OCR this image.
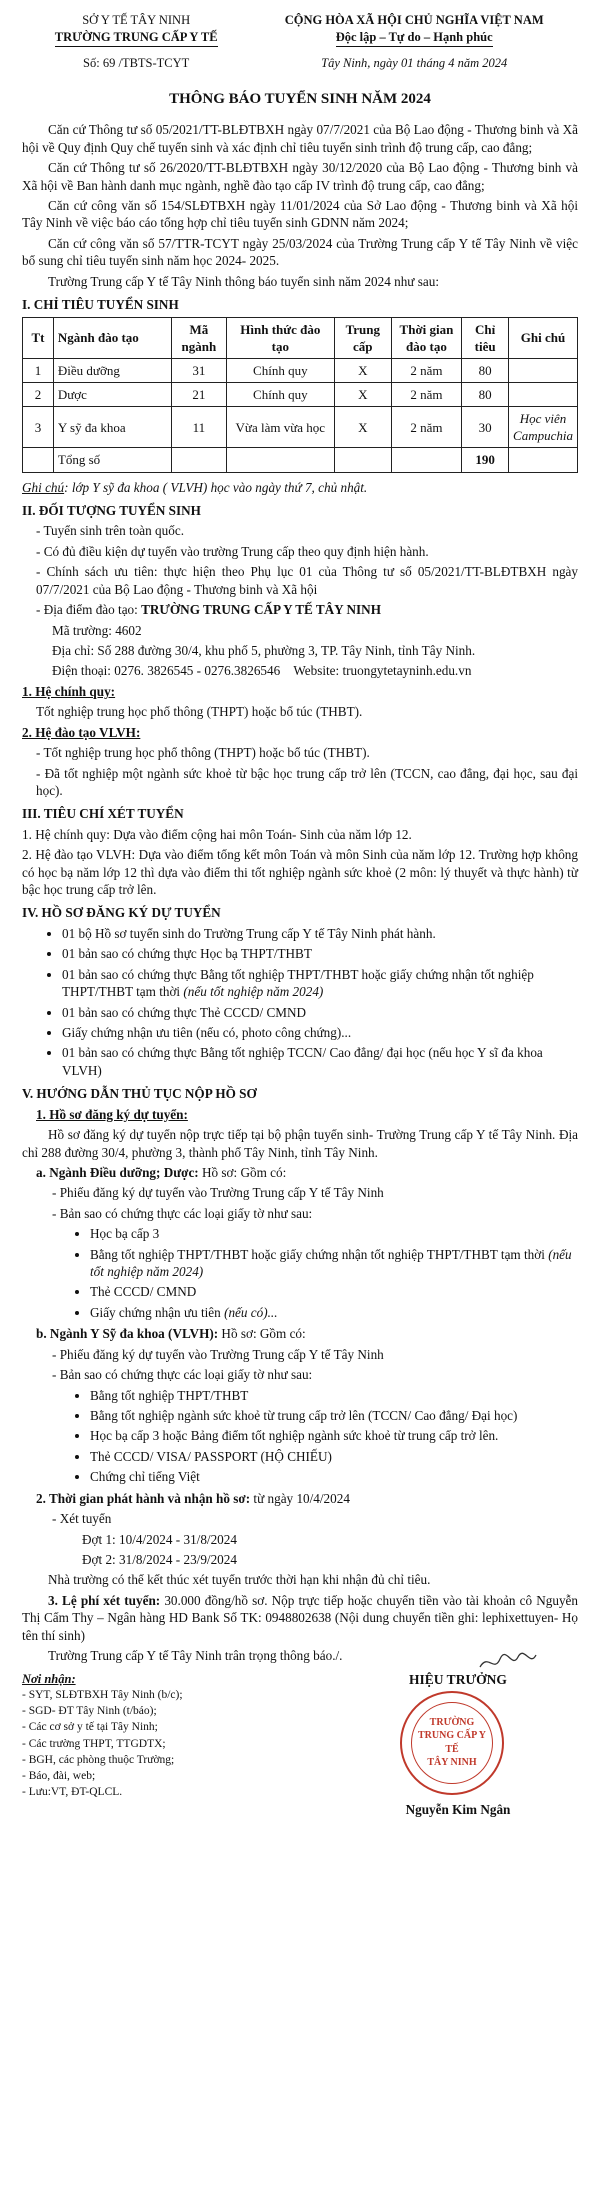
SỞ Y TẾ TÂY NINH
TRƯỜNG TRUNG CẤP Y TẾ
CỘNG HÒA XÃ HỘI CHỦ NGHĨA VIỆT NAM
Độc lập – Tự do – Hạnh phúc
Số: 69 /TBTS-TCYT	Tây Ninh, ngày 01 tháng 4 năm 2024
THÔNG BÁO TUYỂN SINH NĂM 2024

Căn cứ Thông tư số 05/2021/TT-BLĐTBXH ngày 07/7/2021 của Bộ Lao động - Thương binh và Xã hội về Quy định Quy chế tuyển sinh và xác định chỉ tiêu tuyển sinh trình độ trung cấp, cao đẳng;

Căn cứ Thông tư số 26/2020/TT-BLĐTBXH ngày 30/12/2020 của Bộ Lao động - Thương binh và Xã hội về Ban hành danh mục ngành, nghề đào tạo cấp IV trình độ trung cấp, cao đẳng;

Căn cứ công văn số 154/SLĐTBXH ngày 11/01/2024 của Sở Lao động - Thương binh và Xã hội Tây Ninh về việc báo cáo tổng hợp chỉ tiêu tuyển sinh GDNN năm 2024;

Căn cứ công văn số 57/TTR-TCYT ngày 25/03/2024 của Trường Trung cấp Y tế Tây Ninh về việc bổ sung chỉ tiêu tuyển sinh năm học 2024- 2025.

Trường Trung cấp Y tế Tây Ninh thông báo tuyển sinh năm 2024 như sau:

I. CHỈ TIÊU TUYỂN SINH
Tt	Ngành đào tạo	Mã ngành	Hình thức đào tạo	Trung cấp	Thời gian đào tạo	Chỉ tiêu	Ghi chú
1	Điều dưỡng	31	Chính quy	X	2 năm	80	
2	Dược	21	Chính quy	X	2 năm	80	
3	Y sỹ đa khoa	11	Vừa làm vừa học	X	2 năm	30	Học viên Campuchia
	Tổng số					190	

Ghi chú: lớp Y sỹ đa khoa ( VLVH) học vào ngày thứ 7, chủ nhật.

II. ĐỐI TƯỢNG TUYỂN SINH

- Tuyển sinh trên toàn quốc.

- Có đủ điều kiện dự tuyển vào trường Trung cấp theo quy định hiện hành.

- Chính sách ưu tiên: thực hiện theo Phụ lục 01 của Thông tư số 05/2021/TT-BLĐTBXH ngày 07/7/2021 của Bộ Lao động - Thương binh và Xã hội

- Địa điểm đào tạo: TRƯỜNG TRUNG CẤP Y TẾ TÂY NINH

Mã trường: 4602

Địa chỉ: Số 288 đường 30/4, khu phố 5, phường 3, TP. Tây Ninh, tỉnh Tây Ninh.

Điện thoại: 0276. 3826545 - 0276.3826546 Website: truongytetayninh.edu.vn

1. Hệ chính quy:

Tốt nghiệp trung học phổ thông (THPT) hoặc bổ túc (THBT).

2. Hệ đào tạo VLVH:

- Tốt nghiệp trung học phổ thông (THPT) hoặc bổ túc (THBT).

- Đã tốt nghiệp một ngành sức khoẻ từ bậc học trung cấp trở lên (TCCN, cao đẳng, đại học, sau đại học).

III. TIÊU CHÍ XÉT TUYỂN

1. Hệ chính quy: Dựa vào điểm cộng hai môn Toán- Sinh của năm lớp 12.

2. Hệ đào tạo VLVH: Dựa vào điểm tổng kết môn Toán và môn Sinh của năm lớp 12. Trường hợp không có học bạ năm lớp 12 thì dựa vào điểm thi tốt nghiệp ngành sức khoẻ (2 môn: lý thuyết và thực hành) từ bậc học trung cấp trở lên.

IV. HỒ SƠ ĐĂNG KÝ DỰ TUYỂN
• 01 bộ Hồ sơ tuyển sinh do Trường Trung cấp Y tế Tây Ninh phát hành.
• 01 bản sao có chứng thực Học bạ THPT/THBT
• 01 bản sao có chứng thực Bằng tốt nghiệp THPT/THBT hoặc giấy chứng nhận tốt nghiệp THPT/THBT tạm thời (nếu tốt nghiệp năm 2024)
• 01 bản sao có chứng thực Thẻ CCCD/ CMND
• Giấy chứng nhận ưu tiên (nếu có, photo công chứng)...
• 01 bản sao có chứng thực Bằng tốt nghiệp TCCN/ Cao đẳng/ đại học (nếu học Y sĩ đa khoa VLVH)
V. HƯỚNG DẪN THỦ TỤC NỘP HỒ SƠ

1. Hồ sơ đăng ký dự tuyển:

Hồ sơ đăng ký dự tuyển nộp trực tiếp tại bộ phận tuyển sinh- Trường Trung cấp Y tế Tây Ninh. Địa chỉ 288 đường 30/4, phường 3, thành phố Tây Ninh, tỉnh Tây Ninh.

a. Ngành Điều dưỡng; Dược: Hồ sơ: Gồm có:

- Phiếu đăng ký dự tuyển vào Trường Trung cấp Y tế Tây Ninh

- Bản sao có chứng thực các loại giấy tờ như sau:

• Học bạ cấp 3
• Bằng tốt nghiệp THPT/THBT hoặc giấy chứng nhận tốt nghiệp THPT/THBT tạm thời (nếu tốt nghiệp năm 2024)
• Thẻ CCCD/ CMND
• Giấy chứng nhận ưu tiên (nếu có)...

b. Ngành Y Sỹ đa khoa (VLVH): Hồ sơ: Gồm có:

- Phiếu đăng ký dự tuyển vào Trường Trung cấp Y tế Tây Ninh

- Bản sao có chứng thực các loại giấy tờ như sau:

• Bằng tốt nghiệp THPT/THBT
• Bằng tốt nghiệp ngành sức khoẻ từ trung cấp trở lên (TCCN/ Cao đẳng/ Đại học)
• Học bạ cấp 3 hoặc Bảng điểm tốt nghiệp ngành sức khoẻ từ trung cấp trở lên.
• Thẻ CCCD/ VISA/ PASSPORT (HỘ CHIẾU)
• Chứng chỉ tiếng Việt

2. Thời gian phát hành và nhận hồ sơ: từ ngày 10/4/2024

- Xét tuyển

Đợt 1: 10/4/2024 - 31/8/2024

Đợt 2: 31/8/2024 - 23/9/2024

Nhà trường có thể kết thúc xét tuyển trước thời hạn khi nhận đủ chỉ tiêu.

3. Lệ phí xét tuyển: 30.000 đồng/hồ sơ. Nộp trực tiếp hoặc chuyển tiền vào tài khoản cô Nguyễn Thị Cẩm Thy – Ngân hàng HD Bank Số TK: 0948802638 (Nội dung chuyển tiền ghi: lephixettuyen- Họ tên thí sinh)

Trường Trung cấp Y tế Tây Ninh trân trọng thông báo./.

Nơi nhận:
- SYT, SLĐTBXH Tây Ninh (b/c);
- SGD- ĐT Tây Ninh (t/báo);
- Các cơ sở y tế tại Tây Ninh;
- Các trường THPT, TTGDTX;
- BGH, các phòng thuộc Trường;
- Báo, đài, web;
- Lưu:VT, ĐT-QLCL.
HIỆU TRƯỞNG
TRƯỜNG
TRUNG CẤP Y TẾ
TÂY NINH
Nguyễn Kim Ngân
